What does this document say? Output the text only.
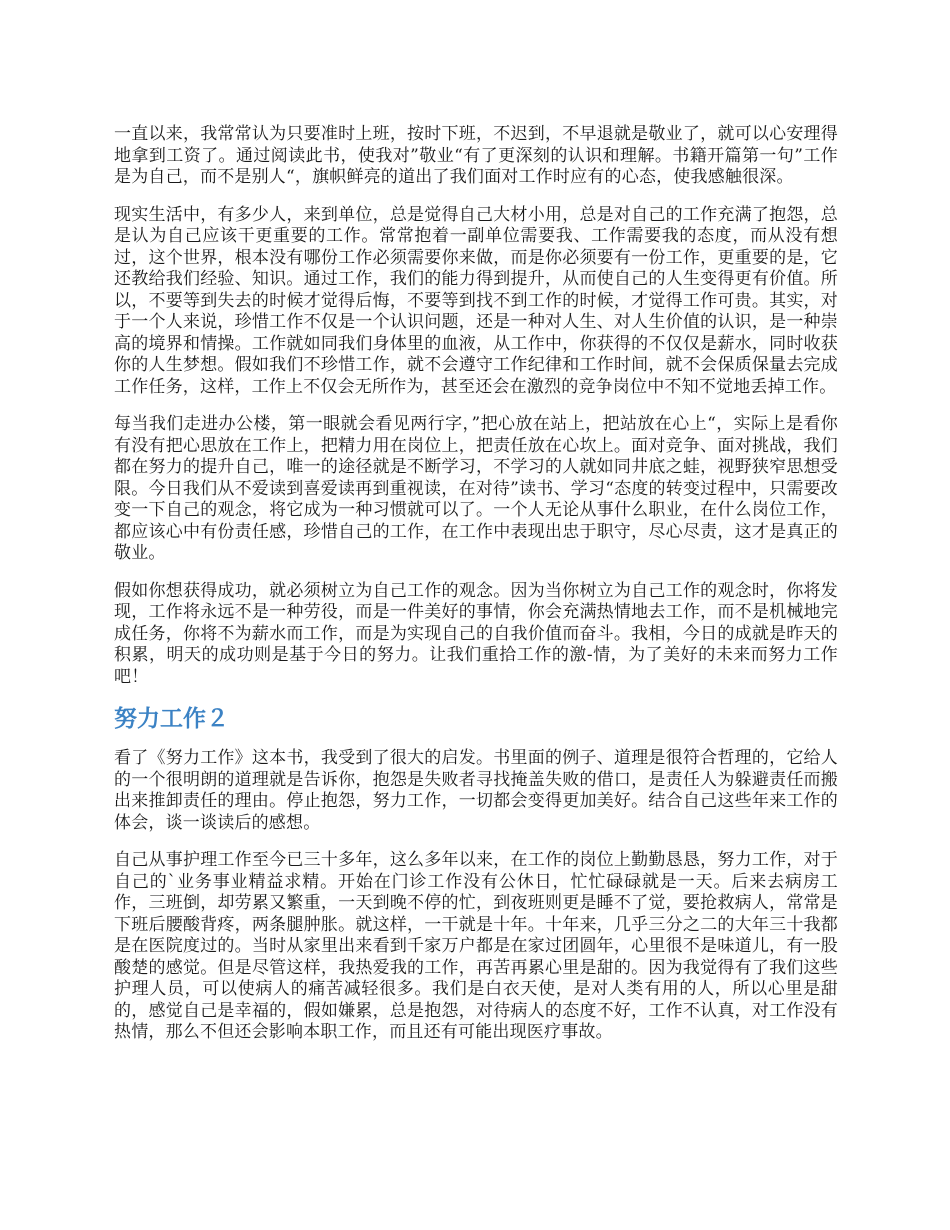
一直以来，我常常认为只要准时上班，按时下班，不迟到，不早退就是敬业了，就可以心安理得地拿到工资了。通过阅读此书，使我对”敬业“有了更深刻的认识和理解。书籍开篇第一句”工作是为自己，而不是别人“，旗帜鲜亮的道出了我们面对工作时应有的心态，使我感触很深。

现实生活中，有多少人，来到单位，总是觉得自己大材小用，总是对自己的工作充满了抱怨，总是认为自己应该干更重要的工作。常常抱着一副单位需要我、工作需要我的态度，而从没有想过，这个世界，根本没有哪份工作必须需要你来做，而是你必须要有一份工作，更重要的是，它还教给我们经验、知识。通过工作，我们的能力得到提升，从而使自己的人生变得更有价值。所以，不要等到失去的时候才觉得后悔，不要等到找不到工作的时候，才觉得工作可贵。其实，对于一个人来说，珍惜工作不仅是一个认识问题，还是一种对人生、对人生价值的认识，是一种崇高的境界和情操。工作就如同我们身体里的血液，从工作中，你获得的不仅仅是薪水，同时收获你的人生梦想。假如我们不珍惜工作，就不会遵守工作纪律和工作时间，就不会保质保量去完成工作任务，这样，工作上不仅会无所作为，甚至还会在激烈的竞争岗位中不知不觉地丢掉工作。

每当我们走进办公楼，第一眼就会看见两行字，”把心放在站上，把站放在心上“，实际上是看你有没有把心思放在工作上，把精力用在岗位上，把责任放在心坎上。面对竞争、面对挑战，我们都在努力的提升自己，唯一的途径就是不断学习，不学习的人就如同井底之蛙，视野狭窄思想受限。今日我们从不爱读到喜爱读再到重视读，在对待”读书、学习“态度的转变过程中，只需要改变一下自己的观念，将它成为一种习惯就可以了。一个人无论从事什么职业，在什么岗位工作，都应该心中有份责任感，珍惜自己的工作，在工作中表现出忠于职守，尽心尽责，这才是真正的敬业。

假如你想获得成功，就必须树立为自己工作的观念。因为当你树立为自己工作的观念时，你将发现，工作将永远不是一种劳役，而是一件美好的事情，你会充满热情地去工作，而不是机械地完成任务，你将不为薪水而工作，而是为实现自己的自我价值而奋斗。我相，今日的成就是昨天的积累，明天的成功则是基于今日的努力。让我们重拾工作的激-情，为了美好的未来而努力工作吧！

努力工作２

看了《努力工作》这本书，我受到了很大的启发。书里面的例子、道理是很符合哲理的，它给人的一个很明朗的道理就是告诉你，抱怨是失败者寻找掩盖失败的借口，是责任人为躲避责任而搬出来推卸责任的理由。停止抱怨，努力工作，一切都会变得更加美好。结合自己这些年来工作的体会，谈一谈读后的感想。

自己从事护理工作至今已三十多年，这么多年以来，在工作的岗位上勤勤恳恳，努力工作，对于自己的`业务事业精益求精。开始在门诊工作没有公休日，忙忙碌碌就是一天。后来去病房工作，三班倒，却劳累又繁重，一天到晚不停的忙，到夜班则更是睡不了觉，要抢救病人，常常是下班后腰酸背疼，两条腿肿胀。就这样，一干就是十年。十年来，几乎三分之二的大年三十我都是在医院度过的。当时从家里出来看到千家万户都是在家过团圆年，心里很不是味道儿，有一股酸楚的感觉。但是尽管这样，我热爱我的工作，再苦再累心里是甜的。因为我觉得有了我们这些护理人员，可以使病人的痛苦减轻很多。我们是白衣天使，是对人类有用的人，所以心里是甜的，感觉自己是幸福的，假如嫌累，总是抱怨，对待病人的态度不好，工作不认真，对工作没有热情，那么不但还会影响本职工作，而且还有可能出现医疗事故。
